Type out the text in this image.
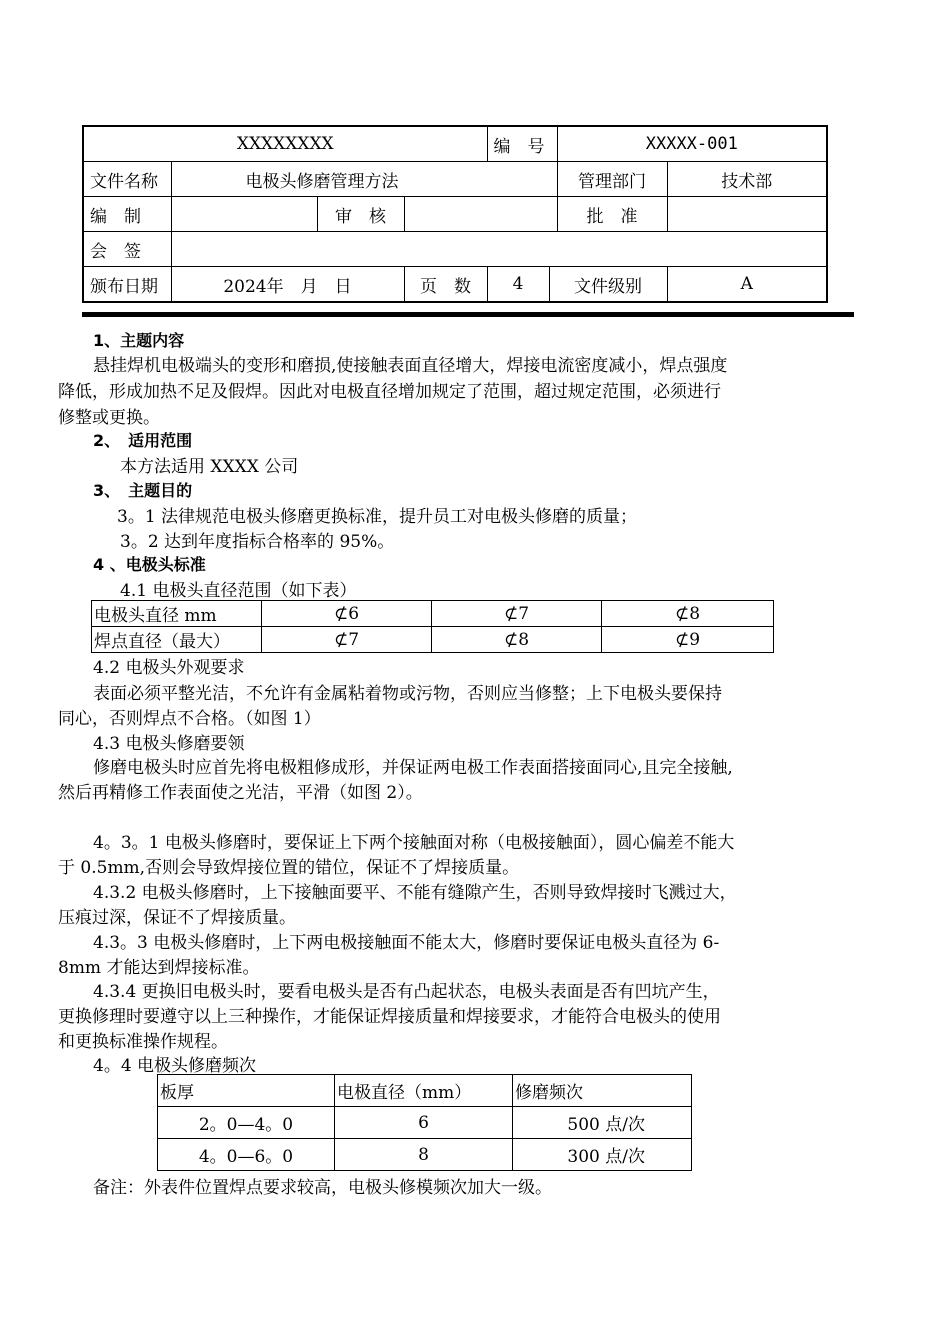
XXXXXXXX				编　号		XXXXX-001	
文件名称	电极头修磨管理方法					管理部门	技术部
编　制		审　核				批　准	
会　签							
颁布日期	2024年　月　日		页　数	4	文件级别		A
1、主题内容
悬挂焊机电极端头的变形和磨损,使接触表面直径增大，焊接电流密度减小，焊点强度
降低，形成加热不足及假焊。因此对电极直径增加规定了范围，超过规定范围，必须进行
修整或更换。
2、　适用范围
本方法适用 XXXX 公司
3、　主题目的
3。1 法律规范电极头修磨更换标准，提升员工对电极头修磨的质量；
3。2 达到年度指标合格率的 95%。
4 、电极头标准
4.1 电极头直径范围（如下表）
电极头直径 mm	⊄6	⊄7	⊄8
焊点直径（最大）	⊄7	⊄8	⊄9
4.2 电极头外观要求
表面必须平整光洁，不允许有金属粘着物或污物，否则应当修整；上下电极头要保持
同心，否则焊点不合格。（如图 1）
4.3 电极头修磨要领
修磨电极头时应首先将电极粗修成形，并保证两电极工作表面搭接面同心,且完全接触,
然后再精修工作表面使之光洁，平滑（如图 2）。
4。3。1 电极头修磨时，要保证上下两个接触面对称（电极接触面），圆心偏差不能大
于 0.5mm,否则会导致焊接位置的错位，保证不了焊接质量。
4.3.2 电极头修磨时，上下接触面要平、不能有缝隙产生，否则导致焊接时飞溅过大，
压痕过深，保证不了焊接质量。
4.3。3 电极头修磨时，上下两电极接触面不能太大，修磨时要保证电极头直径为 6-
8mm 才能达到焊接标准。
4.3.4 更换旧电极头时，要看电极头是否有凸起状态，电极头表面是否有凹坑产生，
更换修理时要遵守以上三种操作，才能保证焊接质量和焊接要求，才能符合电极头的使用
和更换标准操作规程。
4。4 电极头修磨频次
板厚	电极直径（mm）	修磨频次
2。0—4。0	6	500 点/次
4。0—6。0	8	300 点/次
备注：外表件位置焊点要求较高，电极头修模频次加大一级。
